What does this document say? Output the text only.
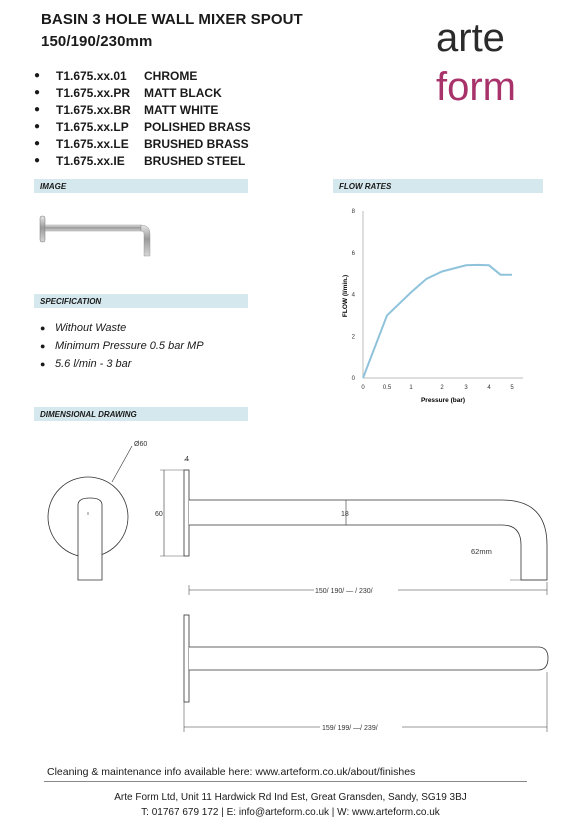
BASIN 3 HOLE WALL MIXER SPOUT
150/190/230mm	arte
form
●	T1.675.xx.01	CHROME
●	T1.675.xx.PR	MATT BLACK
●	T1.675.xx.BR	MATT WHITE
●	T1.675.xx.LP	POLISHED BRASS
●	T1.675.xx.LE	BRUSHED BRASS
●	T1.675.xx.IE	BRUSHED STEEL
IMAGE	FLOW RATES
SPECIFICATION
DIMENSIONAL DRAWING
0
2
4
6
8
0	0.5	1	2	3	4	5
FLOW (l/min.)
Pressure (bar)
● Without Waste
● Minimum Pressure 0.5 bar MP
● 5.6 l/min - 3 bar
Ø60
4
60	18
62mm
150/ 190/ — / 230/
159/ 199/ —/ 239/
Cleaning & maintenance info available here: www.arteform.co.uk/about/finishes
Arte Form Ltd, Unit 11 Hardwick Rd Ind Est, Great Gransden, Sandy, SG19 3BJ
T: 01767 679 172 | E: info@arteform.co.uk | W: www.arteform.co.uk
